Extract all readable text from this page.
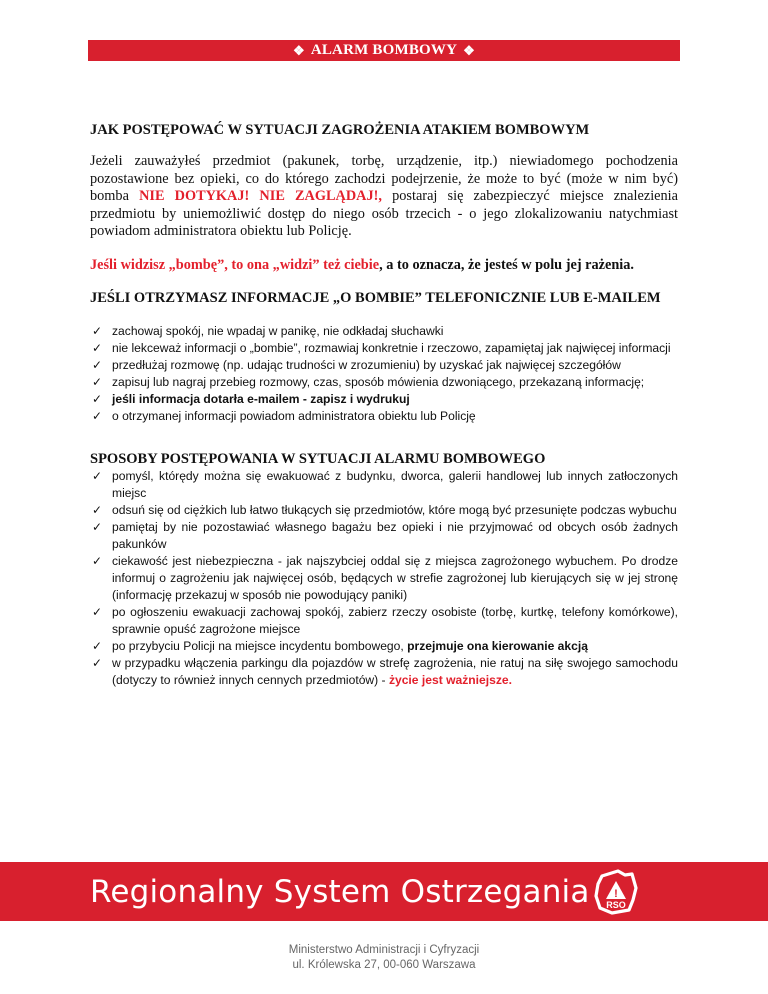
❖ ALARM BOMBOWY ❖
JAK POSTĘPOWAĆ W SYTUACJI ZAGROŻENIA ATAKIEM BOMBOWYM

Jeżeli zauważyłeś przedmiot (pakunek, torbę, urządzenie, itp.) niewiadomego pochodzenia pozostawione bez opieki, co do którego zachodzi podejrzenie, że może to być (może w nim być) bomba NIE DOTYKAJ! NIE ZAGLĄDAJ!, postaraj się zabezpieczyć miejsce znalezienia przedmiotu by uniemożliwić dostęp do niego osób trzecich - o jego zlokalizowaniu natychmiast powiadom administratora obiektu lub Policję.

Jeśli widzisz „bombę”, to ona „widzi” też ciebie, a to oznacza, że jesteś w polu jej rażenia.

JEŚLI OTRZYMASZ INFORMACJE „O BOMBIE” TELEFONICZNIE LUB E-MAILEM
✓ zachowaj spokój, nie wpadaj w panikę, nie odkładaj słuchawki
✓ nie lekceważ informacji o „bombie”, rozmawiaj konkretnie i rzeczowo, zapamiętaj jak najwięcej informacji
✓ przedłużaj rozmowę (np. udając trudności w zrozumieniu) by uzyskać jak najwięcej szczegółów
✓ zapisuj lub nagraj przebieg rozmowy, czas, sposób mówienia dzwoniącego, przekazaną informację;
✓ jeśli informacja dotarła e-mailem - zapisz i wydrukuj
✓ o otrzymanej informacji powiadom administratora obiektu lub Policję
SPOSOBY POSTĘPOWANIA W SYTUACJI ALARMU BOMBOWEGO
✓ pomyśl, którędy można się ewakuować z budynku, dworca, galerii handlowej lub innych zatłoczonych miejsc
✓ odsuń się od ciężkich lub łatwo tłukących się przedmiotów, które mogą być przesunięte podczas wybuchu
✓ pamiętaj by nie pozostawiać własnego bagażu bez opieki i nie przyjmować od obcych osób żadnych pakunków
✓ ciekawość jest niebezpieczna - jak najszybciej oddal się z miejsca zagrożonego wybuchem. Po drodze informuj o zagrożeniu jak najwięcej osób, będących w strefie zagrożonej lub kierujących się w jej stronę (informację przekazuj w sposób nie powodujący paniki)
✓ po ogłoszeniu ewakuacji zachowaj spokój, zabierz rzeczy osobiste (torbę, kurtkę, telefony komórkowe), sprawnie opuść zagrożone miejsce
✓ po przybyciu Policji na miejsce incydentu bombowego, przejmuje ona kierowanie akcją
✓ w przypadku włączenia parkingu dla pojazdów w strefę zagrożenia, nie ratuj na siłę swojego samochodu (dotyczy to również innych cennych przedmiotów) - życie jest ważniejsze.
Regionalny System Ostrzegania !
RSO
Ministerstwo Administracji i Cyfryzacji
ul. Królewska 27, 00-060 Warszawa
